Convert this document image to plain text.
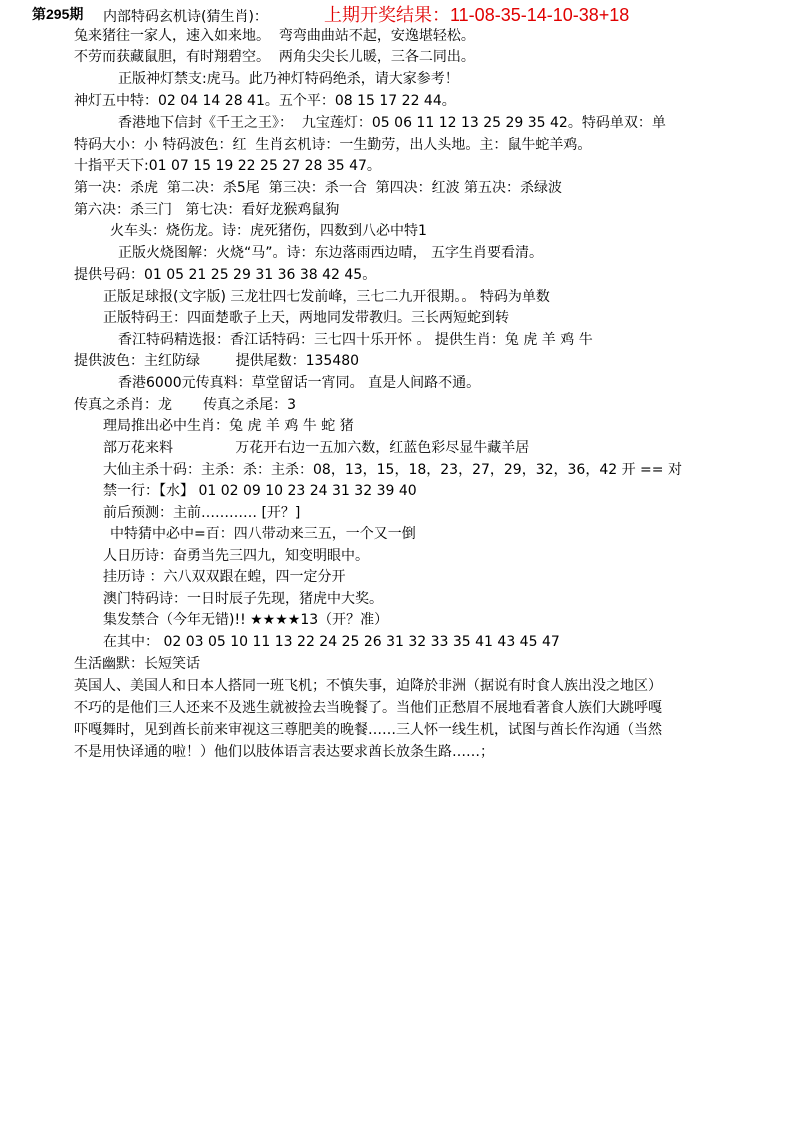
第295期 内部特码玄机诗(猜生肖)：	上期开奖结果：11-08-35-14-10-38+18
兔来猪往一家人，速入如来地。  弯弯曲曲站不起，安逸堪轻松。
不劳而获藏鼠胆，有时翔碧空。  两角尖尖长儿暖，三各二同出。
正版神灯禁支:虎马。此乃神灯特码绝杀，请大家参考！
神灯五中特：02 04 14 28 41。五个平：08 15 17 22 44。
香港地下信封《千王之王》：  九宝莲灯：05 06 11 12 13 25 29 35 42。特码单双：单
特码大小：小 特码波色：红  生肖玄机诗：一生勤劳，出人头地。主：鼠牛蛇羊鸡。
十指平天下:01 07 15 19 22 25 27 28 35 47。
第一决：杀虎  第二决：杀5尾  第三决：杀一合  第四决：红波 第五决：杀绿波
第六决：杀三门   第七决：看好龙猴鸡鼠狗
火车头：烧伤龙。诗：虎死猪伤，四数到八必中特1
正版火烧图解：火烧“马”。诗：东边落雨西边晴， 五字生肖要看清。
提供号码：01 05 21 25 29 31 36 38 42 45。
正版足球报(文字版) 三龙壮四七发前峰，三七二九开很期。。 特码为单数
正版特码王：四面楚歌子上天，两地同发带教归。三长两短蛇到转
香江特码精选报：香江话特码：三七四十乐开怀 。 提供生肖：兔 虎 羊 鸡 牛
提供波色：主红防绿        提供尾数：135480
香港6000元传真料：草堂留话一宵同。 直是人间路不通。
传真之杀肖：龙       传真之杀尾：3
理局推出必中生肖：兔 虎 羊 鸡 牛 蛇 猪
部万花来料              万花开右边一五加六数，红蓝色彩尽显牛藏羊居
大仙主杀十码：主杀：杀：主杀：08，13，15，18，23，27，29，32，36，42 开 == 对
禁一行：【水】 01 02 09 10 23 24 31 32 39 40
前后预测：主前………… [开？]
中特猜中必中=百：四八带动来三五，一个又一倒
人日历诗：奋勇当先三四九，知变明眼中。
挂历诗 ：六八双双跟在蝗，四一定分开
澳门特码诗：一日时辰子先现，猪虎中大奖。
集发禁合（今年无错)!! ★★★★13（开？准）
在其中： 02 03 05 10 11 13 22 24 25 26 31 32 33 35 41 43 45 47
生活幽默：长短笑话
英国人、美国人和日本人搭同一班飞机；不慎失事，迫降於非洲（据说有时食人族出没之地区）
不巧的是他们三人还来不及逃生就被捡去当晚餐了。当他们正愁眉不展地看著食人族们大跳呼嘎
吓嘎舞时，见到酋长前来审视这三尊肥美的晚餐……三人怀一线生机，试图与酋长作沟通（当然
不是用快译通的啦！）他们以肢体语言表达要求酋长放条生路……；
